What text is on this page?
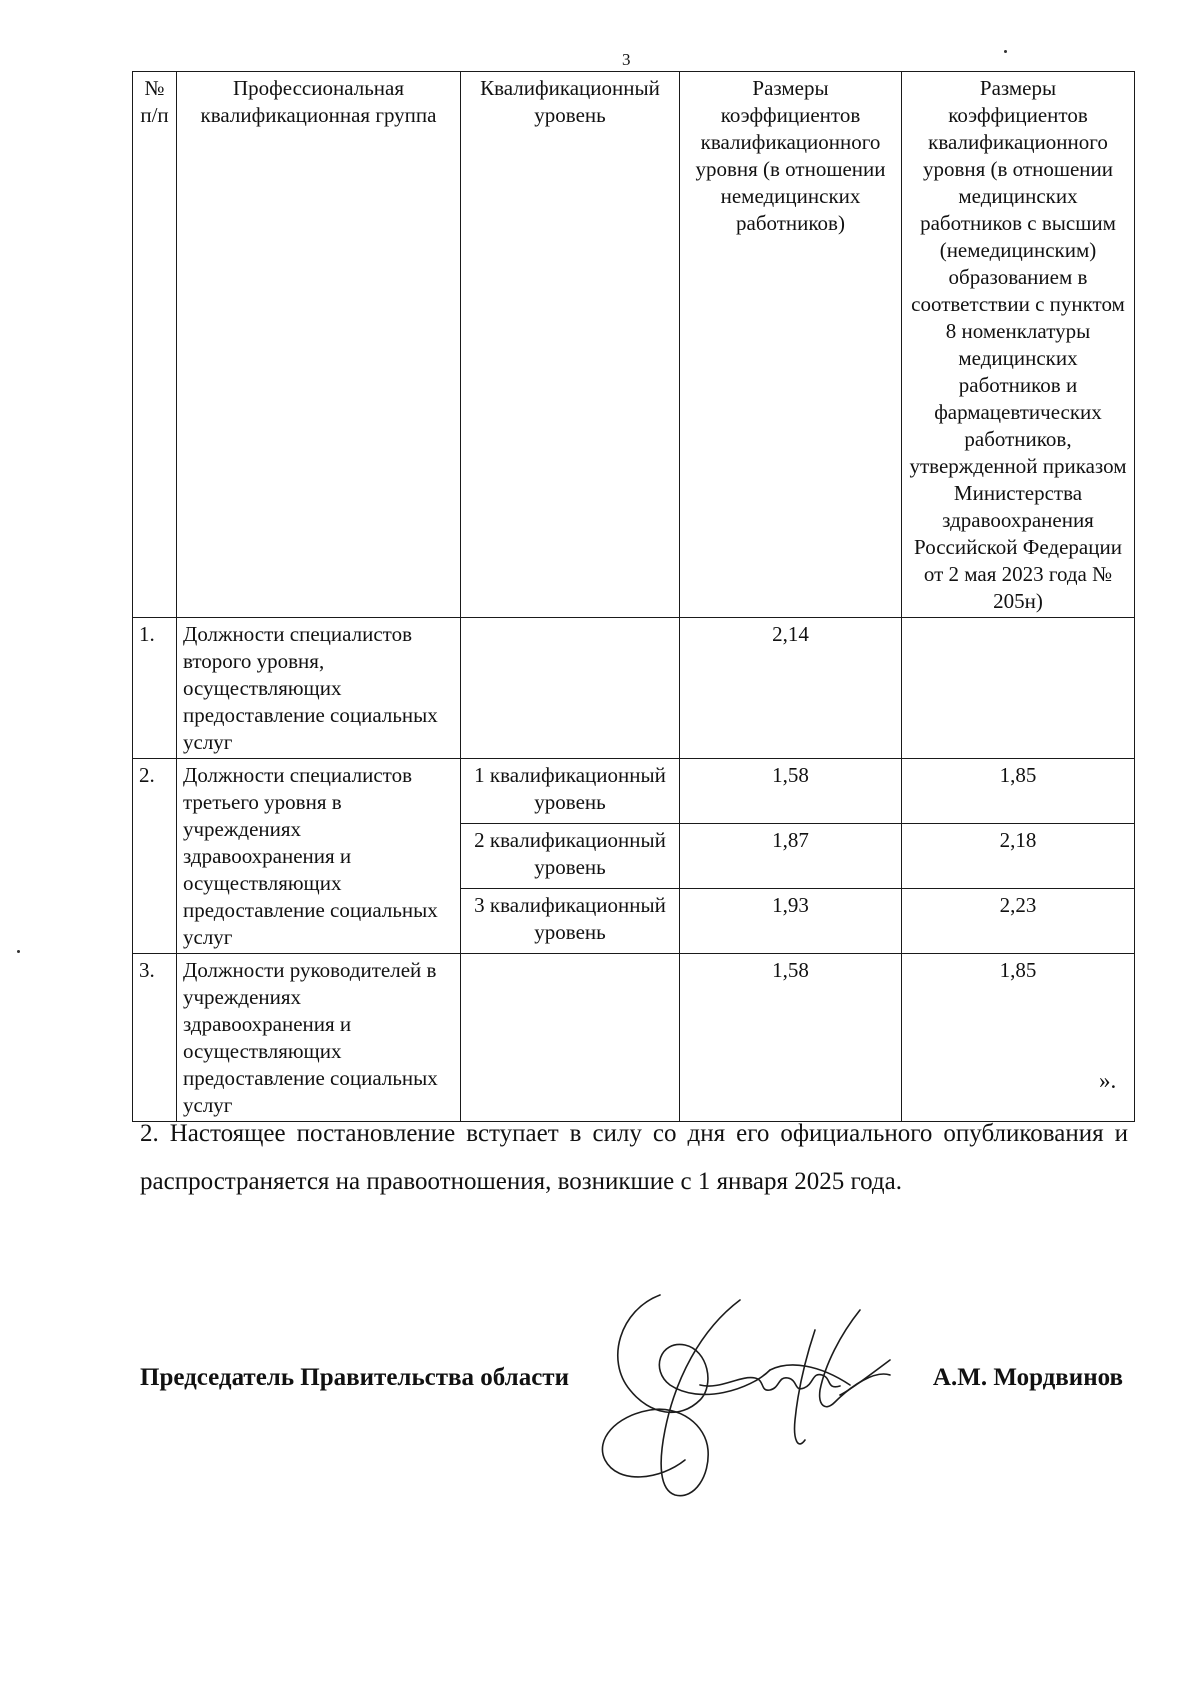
3
№ п/п	Профессиональная квалификационная группа	Квалификационный уровень	Размеры коэффициентов квалификационного уровня (в отношении немедицинских работников)	Размеры коэффициентов квалификационного уровня (в отношении медицинских работников с высшим (немедицинским) образованием в соответствии с пунктом 8 номенклатуры медицинских работников и фармацевтических работников, утвержденной приказом Министерства здравоохранения Российской Федерации от 2 мая 2023 года № 205н)
1.	Должности специалистов второго уровня, осуществляющих предоставление социальных услуг		2,14	
2.	Должности специалистов третьего уровня в учреждениях здравоохранения и осуществляющих предоставление социальных услуг	1 квалификационный уровень	1,58	1,85
		2 квалификационный уровень	1,87	2,18
		3 квалификационный уровень	1,93	2,23
3.	Должности руководителей в учреждениях здравоохранения и осуществляющих предоставление социальных услуг		1,58	1,85
».
2. Настоящее постановление вступает в силу со дня его официального опубликования и распространяется на правоотношения, возникшие с 1 января 2025 года.
Председатель Правительства области	А.М. Мордвинов
